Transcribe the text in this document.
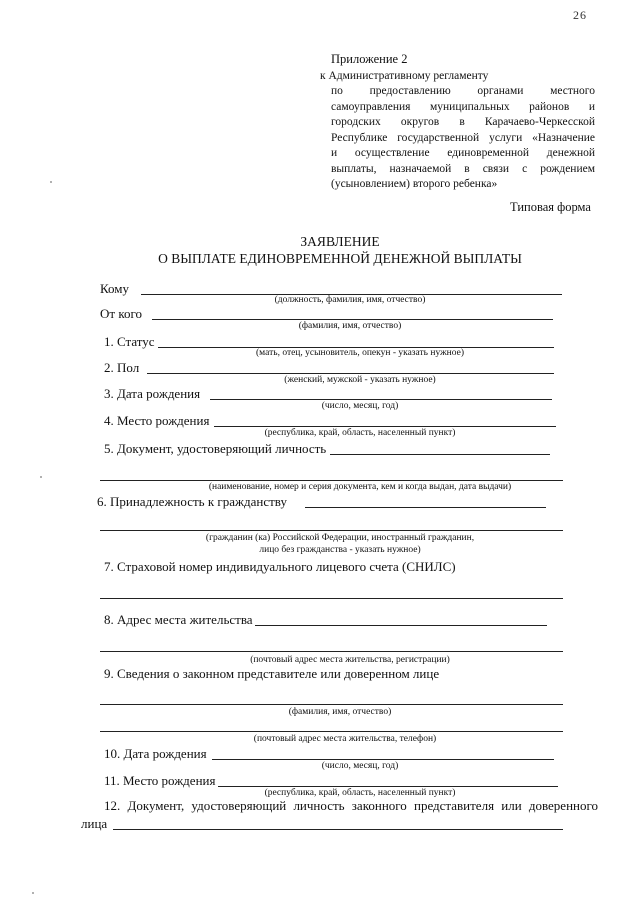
26
Приложение 2
к Административному регламенту
по предоставлению органами местного
самоуправления муниципальных районов и
городских округов в Карачаево-Черкесской
Республике государственной услуги «Назначение
и осуществление единовременной денежной
выплаты, назначаемой в связи с рождением
(усыновлением) второго ребенка»
Типовая форма
ЗАЯВЛЕНИЕ
О ВЫПЛАТЕ ЕДИНОВРЕМЕННОЙ ДЕНЕЖНОЙ ВЫПЛАТЫ
Кому
(должность, фамилия, имя, отчество)
От кого
(фамилия, имя, отчество)
1. Статус
(мать, отец, усыновитель, опекун - указать нужное)
2. Пол
(женский, мужской - указать нужное)
3. Дата рождения
(число, месяц, год)
4. Место рождения
(республика, край, область, населенный пункт)
5. Документ, удостоверяющий личность
(наименование, номер и серия документа, кем и когда выдан, дата выдачи)
6. Принадлежность к гражданству
(гражданин (ка) Российской Федерации, иностранный гражданин,
лицо без гражданства - указать нужное)
7. Страховой номер индивидуального лицевого счета (СНИЛС)
8. Адрес места жительства
(почтовый адрес места жительства, регистрации)
9. Сведения о законном представителе или доверенном лице
(фамилия, имя, отчество)
(почтовый адрес места жительства, телефон)
10. Дата рождения
(число, месяц, год)
11. Место рождения
(республика, край, область, населенный пункт)
12. Документ, удостоверяющий личность законного представителя или доверенного
лица
